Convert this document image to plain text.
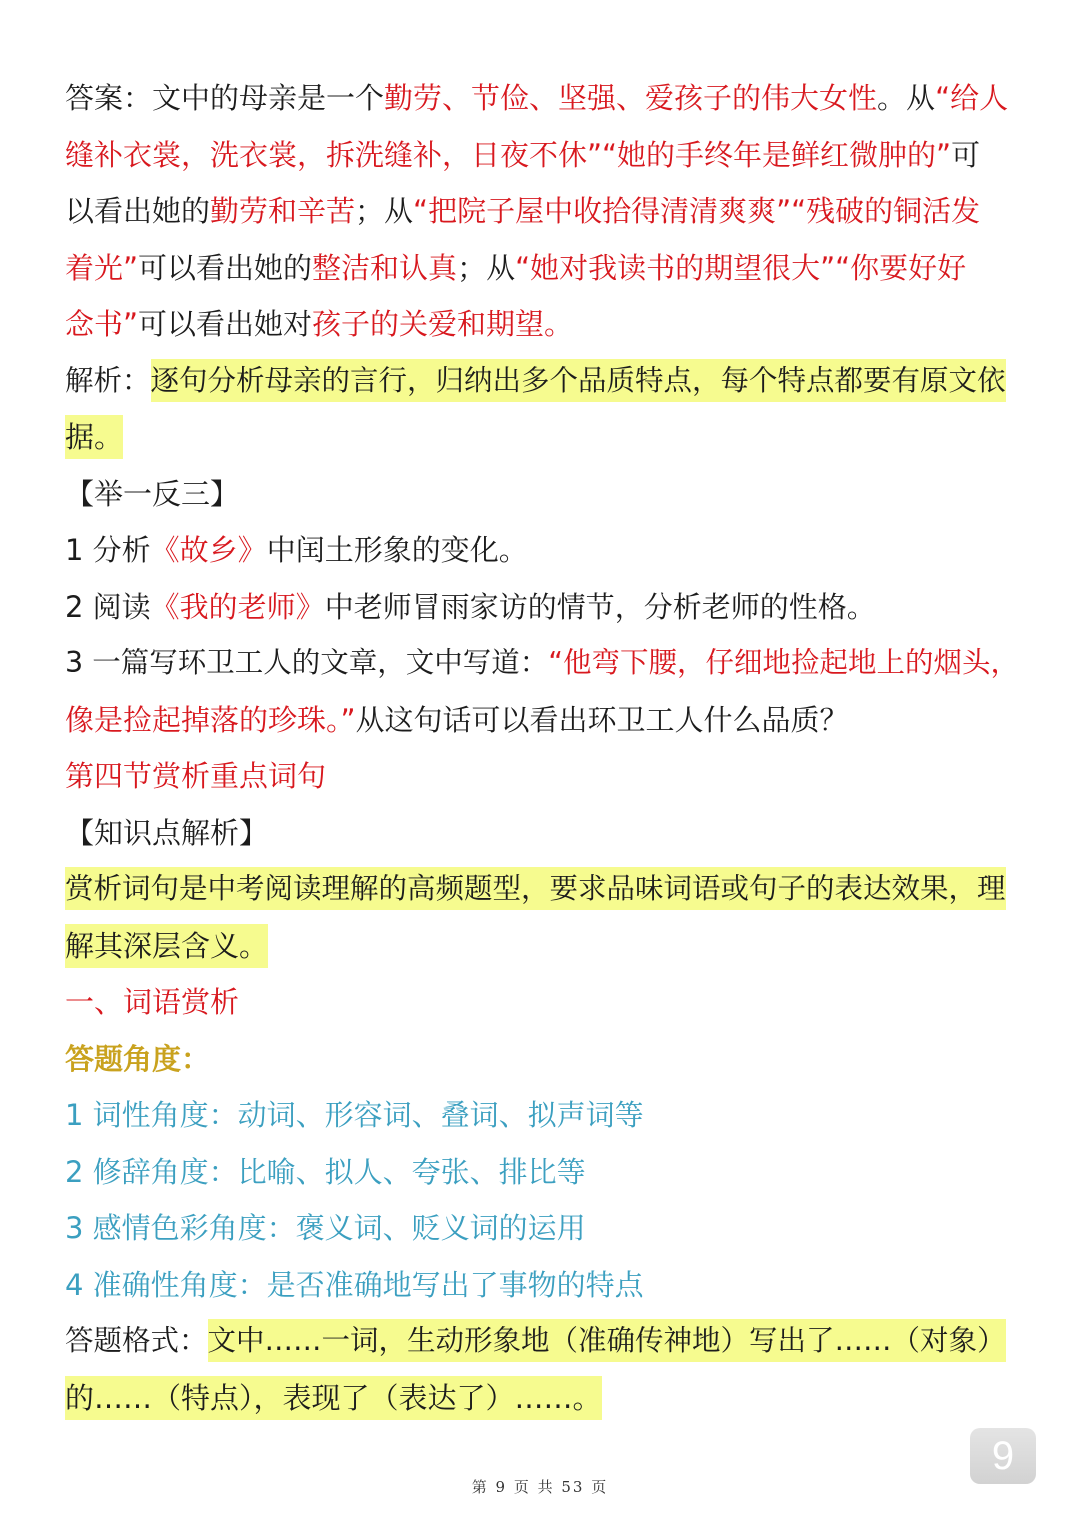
答案：文中的母亲是一个勤劳、节俭、坚强、爱孩子的伟大女性。从“给人
缝补衣裳，洗衣裳，拆洗缝补，日夜不休”“她的手终年是鲜红微肿的”可
以看出她的勤劳和辛苦；从“把院子屋中收拾得清清爽爽”“残破的铜活发
着光”可以看出她的整洁和认真；从“她对我读书的期望很大”“你要好好
念书”可以看出她对孩子的关爱和期望。
解析：逐句分析母亲的言行，归纳出多个品质特点，每个特点都要有原文依
据。
【举一反三】
1 分析《故乡》中闰土形象的变化。
2 阅读《我的老师》中老师冒雨家访的情节，分析老师的性格。
3 一篇写环卫工人的文章，文中写道：“他弯下腰，仔细地捡起地上的烟头，
像是捡起掉落的珍珠。”从这句话可以看出环卫工人什么品质？
第四节赏析重点词句
【知识点解析】
赏析词句是中考阅读理解的高频题型，要求品味词语或句子的表达效果，理
解其深层含义。
一、词语赏析
答题角度：
1 词性角度：动词、形容词、叠词、拟声词等
2 修辞角度：比喻、拟人、夸张、排比等
3 感情色彩角度：褒义词、贬义词的运用
4 准确性角度：是否准确地写出了事物的特点
答题格式：文中……一词，生动形象地（准确传神地）写出了……（对象）
的……（特点），表现了（表达了）……。
9
第 9 页 共 53 页
